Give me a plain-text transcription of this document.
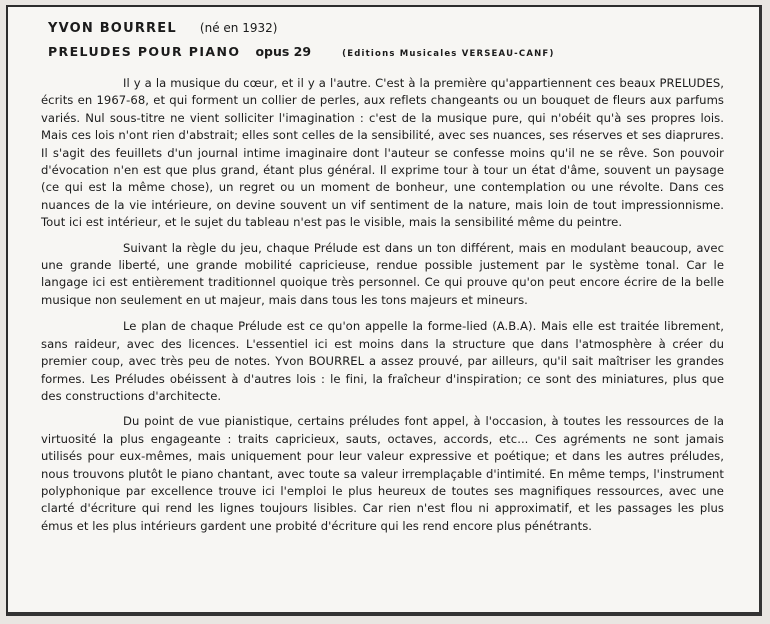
YVON BOURREL (né en 1932)
PRELUDES POUR PIANO opus 29	(Editions Musicales VERSEAU-CANF)

Il y a la musique du cœur, et il y a l'autre. C'est à la première qu'appartiennent ces beaux PRELUDES, écrits en 1967-68, et qui forment un collier de perles, aux reflets changeants ou un bouquet de fleurs aux parfums variés. Nul sous-titre ne vient solliciter l'imagination : c'est de la musique pure, qui n'obéit qu'à ses propres lois. Mais ces lois n'ont rien d'abstrait; elles sont celles de la sensibilité, avec ses nuances, ses réserves et ses diaprures. Il s'agit des feuillets d'un journal intime imaginaire dont l'auteur se confesse moins qu'il ne se rêve. Son pouvoir d'évocation n'en est que plus grand, étant plus général. Il exprime tour à tour un état d'âme, souvent un paysage (ce qui est la même chose), un regret ou un moment de bonheur, une contemplation ou une révolte. Dans ces nuances de la vie intérieure, on devine souvent un vif sentiment de la nature, mais loin de tout impressionnisme. Tout ici est intérieur, et le sujet du tableau n'est pas le visible, mais la sensibilité même du peintre.

Suivant la règle du jeu, chaque Prélude est dans un ton différent, mais en modulant beaucoup, avec une grande liberté, une grande mobilité capricieuse, rendue possible justement par le système tonal. Car le langage ici est entièrement traditionnel quoique très personnel. Ce qui prouve qu'on peut encore écrire de la belle musique non seulement en ut majeur, mais dans tous les tons majeurs et mineurs.

Le plan de chaque Prélude est ce qu'on appelle la forme-lied (A.B.A). Mais elle est traitée librement, sans raideur, avec des licences. L'essentiel ici est moins dans la structure que dans l'atmosphère à créer du premier coup, avec très peu de notes. Yvon BOURREL a assez prouvé, par ailleurs, qu'il sait maîtriser les grandes formes. Les Préludes obéissent à d'autres lois : le fini, la fraîcheur d'inspiration; ce sont des miniatures, plus que des constructions d'architecte.

Du point de vue pianistique, certains préludes font appel, à l'occasion, à toutes les ressources de la virtuosité la plus engageante : traits capricieux, sauts, octaves, accords, etc... Ces agréments ne sont jamais utilisés pour eux-mêmes, mais uniquement pour leur valeur expressive et poétique; et dans les autres préludes, nous trouvons plutôt le piano chantant, avec toute sa valeur irremplaçable d'intimité. En même temps, l'instrument polyphonique par excellence trouve ici l'emploi le plus heureux de toutes ses magnifiques ressources, avec une clarté d'écriture qui rend les lignes toujours lisibles. Car rien n'est flou ni approximatif, et les passages les plus émus et les plus intérieurs gardent une probité d'écriture qui les rend encore plus pénétrants.
